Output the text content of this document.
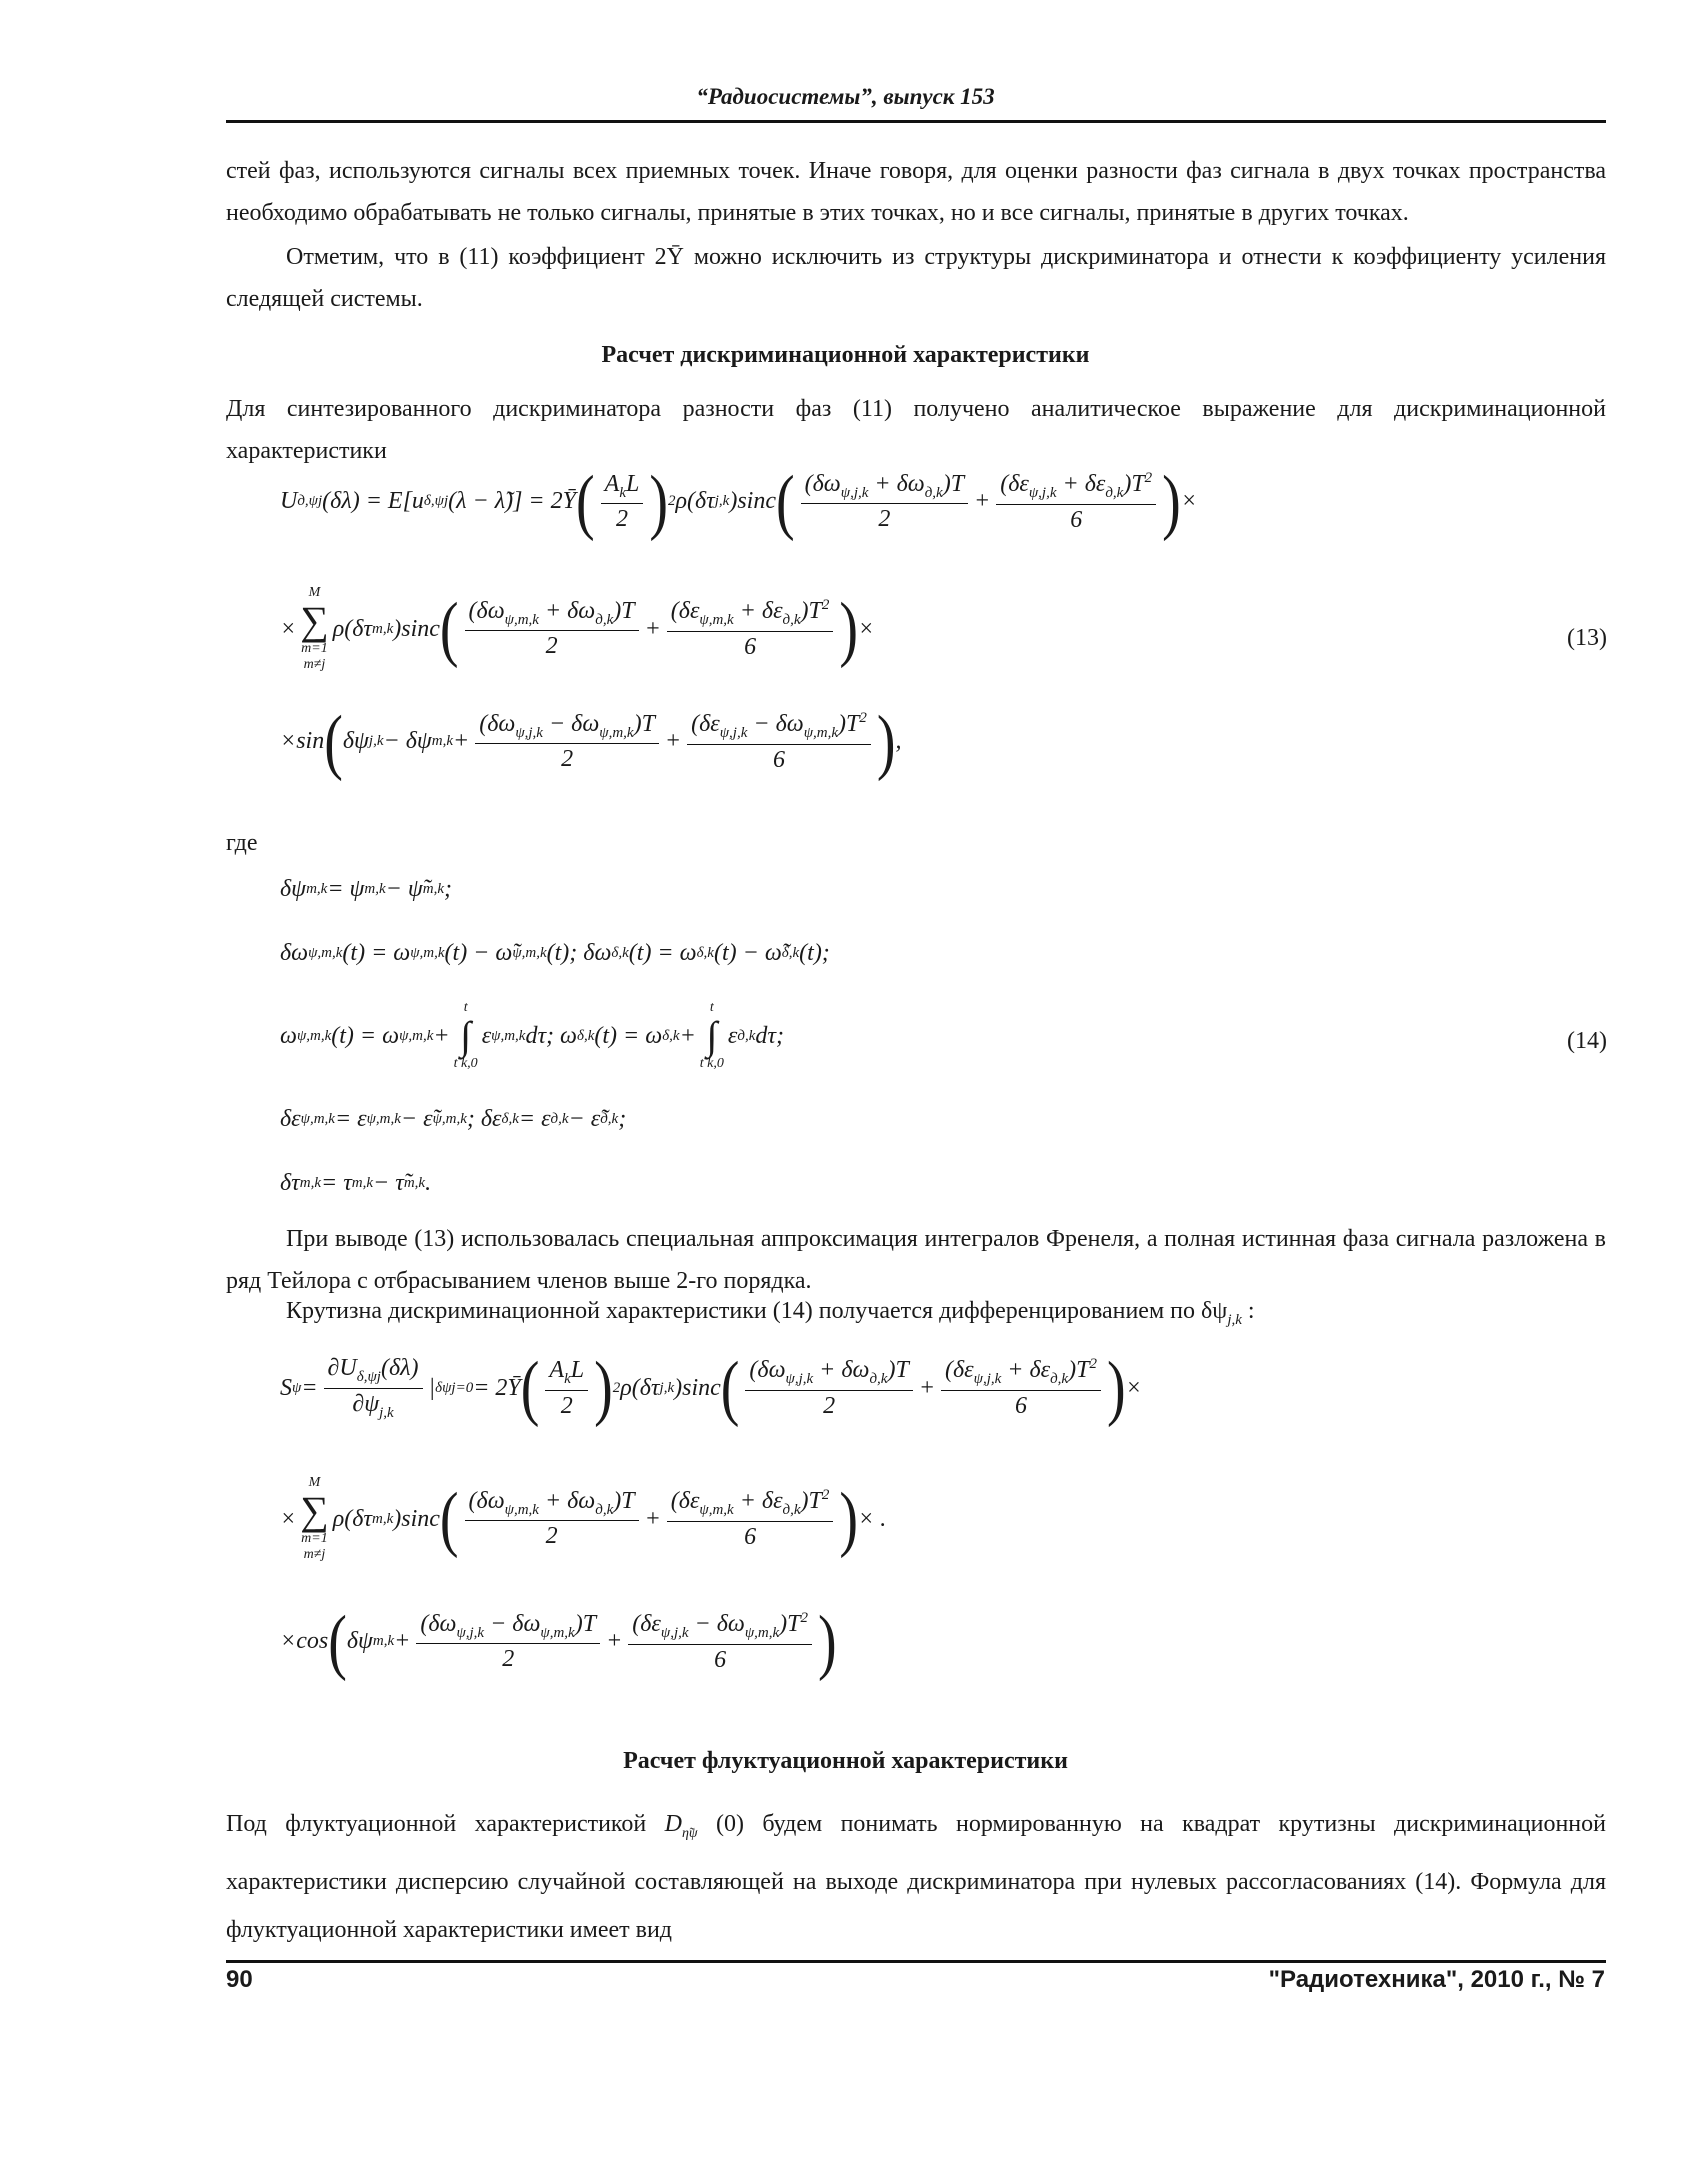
“Радиосистемы”, выпуск 153
стей фаз, используются сигналы всех приемных точек. Иначе говоря, для оценки разности фаз сигнала в двух точках пространства необходимо обрабатывать не только сигналы, принятые в этих точках, но и все сигналы, принятые в других точках.
Отметим, что в (11) коэффициент 2Ῡ можно исключить из структуры дискриминатора и отнести к коэффициенту усиления следящей системы.
Расчет дискриминационной характеристики
Для синтезированного дискриминатора разности фаз (11) получено аналитическое выражение для дискриминационной характеристики
U д,ψj (δλ) = E [u δ,ψj (λ − λ̃)] = 2Ῡ ( $A_kL$
2 ) 2 ρ(δτ j,k )sinc ( $(\delta\omega_{\psi,j,k} + \delta\omega_{д,k})T$
2
+
$(\delta\varepsilon_{\psi,j,k} + \delta\varepsilon_{д,k})T^2$
6 ) ×
×
M
∑
m=1
m≠j
ρ(δτ m,k )sinc ( $(\delta\omega_{\psi,m,k} + \delta\omega_{д,k})T$
2
+
$(\delta\varepsilon_{\psi,m,k} + \delta\varepsilon_{д,k})T^2$
6 ) ×	(13)
×sin ( δψ j,k − δψ m,k +
$(\delta\omega_{\psi,j,k} - \delta\omega_{\psi,m,k})T$
2
+
$(\delta\varepsilon_{\psi,j,k} - \delta\omega_{\psi,m,k})T^2$
6 ) ,
δψ m,k = ψ m,k − ψ̃ m,k ;
δω ψ,m,k (t) = ω ψ,m,k (t) − ω̃ ψ,m,k (t); δω δ,k (t) = ω δ,k (t) − ω̃ δ,k (t);
ω ψ,m,k (t) = ω ψ,m,k +
t
∫
t k,0
ε ψ,m,k dτ; ω δ,k (t) = ω δ,k +
t
∫
t k,0
ε д,k dτ;	(14)
δε ψ,m,k = ε ψ,m,k − ε̃ ψ,m,k ; δε δ,k = ε д,k − ε̃ д,k ;
δτ m,k = τ m,k − τ̃ m,k .
S $\psi = \frac{\partial U_{\delta,\psi j}(\delta\lambda)}{\partial\psi_{j,k}}$ | δψj=0 = 2Ῡ ( $A_kL$
2 ) 2 ρ(δτ j,k )sinc ( $(\delta\omega_{\psi,j,k} + \delta\omega_{д,k})T$
2
+
$(\delta\varepsilon_{\psi,j,k} + \delta\varepsilon_{д,k})T^2$
6 ) ×
×
M
∑
m=1
m≠j
ρ(δτ m,k )sinc ( $(\delta\omega_{\psi,m,k} + \delta\omega_{д,k})T$
2
+
$(\delta\varepsilon_{\psi,m,k} + \delta\varepsilon_{д,k})T^2$
6 ) × .
×cos ( δψ m,k +
$(\delta\omega_{\psi,j,k} - \delta\omega_{\psi,m,k})T$
2
+
$(\delta\varepsilon_{\psi,j,k} - \delta\omega_{\psi,m,k})T^2$
6 )
где
При выводе (13) использовалась специальная аппроксимация интегралов Френеля, а полная истинная фаза сигнала разложена в ряд Тейлора с отбрасыванием членов выше 2-го порядка.
Крутизна дискриминационной характеристики (14) получается дифференцированием по $\delta\psi_{j,k}$ :
Расчет флуктуационной характеристики
Под флуктуационной характеристикой $D_{\etã\psi}$ (0) будем понимать нормированную на квадрат крутизны дискриминационной характеристики дисперсию случайной составляющей на выходе дискриминатора при нулевых рассогласованиях (14). Формула для флуктуационной характеристики имеет вид
90	"Радиотехника", 2010 г., № 7
